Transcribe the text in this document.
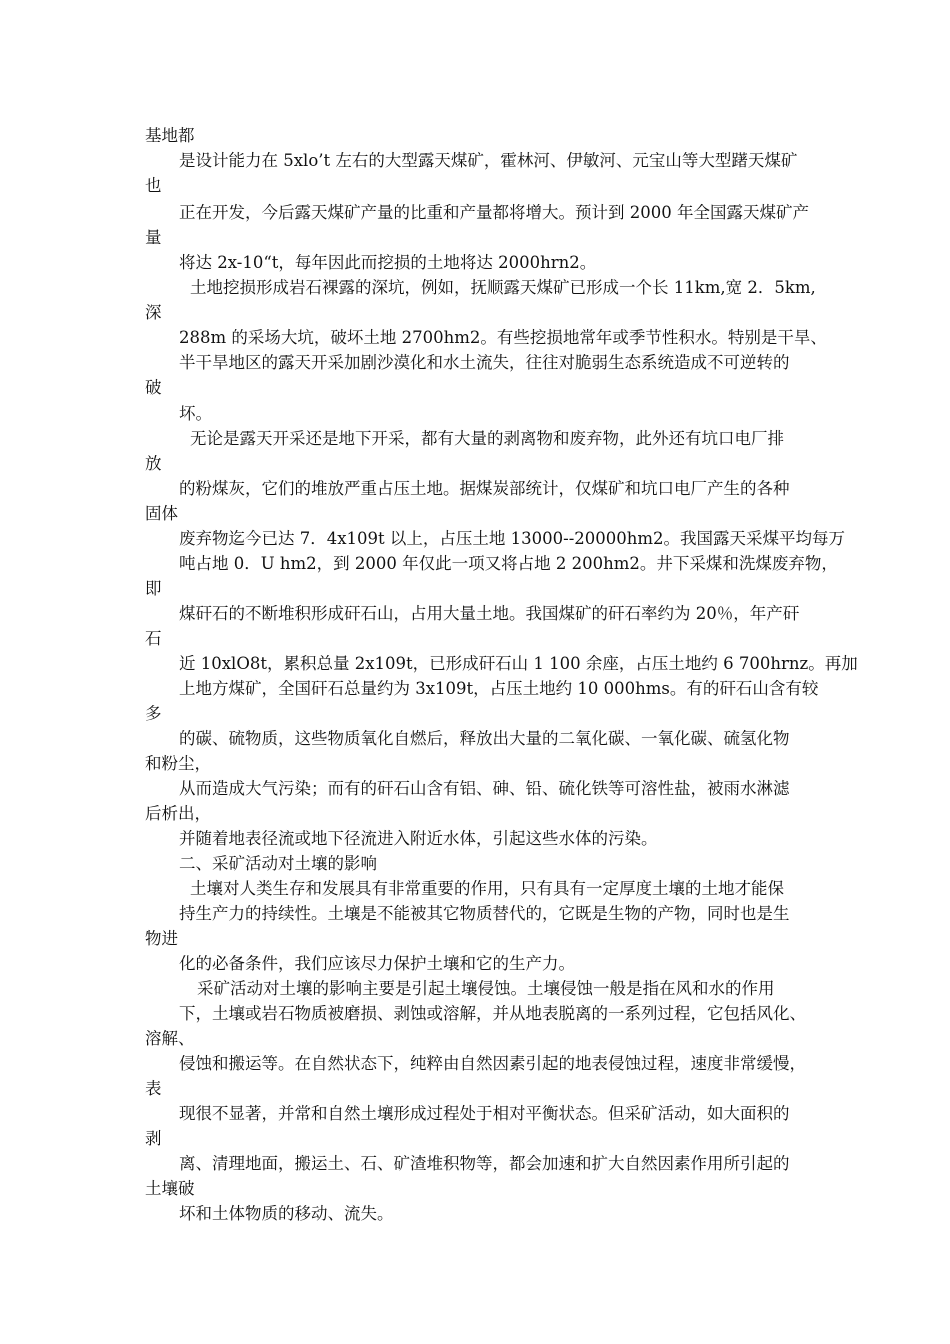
基地都
是设计能力在 5xlo’t 左右的大型露天煤矿，霍林河、伊敏河、元宝山等大型躇天煤矿
也
正在开发，今后露天煤矿产量的比重和产量都将增大。预计到 2000 年全国露天煤矿产
量
将达 2x-10“t，每年因此而挖损的土地将达 2000hrn2。
土地挖损形成岩石裸露的深坑，例如，抚顺露天煤矿已形成一个长 11km,宽 2．5km,
深
288m 的采场大坑，破坏土地 2700hm2。有些挖损地常年或季节性积水。特别是干旱、
半干旱地区的露天开采加剧沙漠化和水土流失，往往对脆弱生态系统造成不可逆转的
破
坏。
无论是露天开采还是地下开采，都有大量的剥离物和废弃物，此外还有坑口电厂排
放
的粉煤灰，它们的堆放严重占压土地。据煤炭部统计，仅煤矿和坑口电厂产生的各种
固体
废弃物迄今已达 7．4x109t 以上，占压土地 13000--20000hm2。我国露天采煤平均每万
吨占地 0．U hm2，到 2000 年仅此一项又将占地 2 200hm2。井下采煤和洗煤废弃物，
即
煤矸石的不断堆积形成矸石山，占用大量土地。我国煤矿的矸石率约为 20％，年产矸
石
近 10xlO8t，累积总量 2x109t，已形成矸石山 1 100 余座，占压土地约 6 700hrnz。再加
上地方煤矿，全国矸石总量约为 3x109t，占压土地约 10 000hms。有的矸石山含有较
多
的碳、硫物质，这些物质氧化自燃后，释放出大量的二氧化碳、一氧化碳、硫氢化物
和粉尘，
从而造成大气污染；而有的矸石山含有铝、砷、铅、硫化铁等可溶性盐，被雨水淋滤
后析出，
并随着地表径流或地下径流进入附近水体，引起这些水体的污染。
二、采矿活动对土壤的影响
土壤对人类生存和发展具有非常重要的作用，只有具有一定厚度土壤的土地才能保
持生产力的持续性。土壤是不能被其它物质替代的，它既是生物的产物，同时也是生
物进
化的必备条件，我们应该尽力保护土壤和它的生产力。
采矿活动对土壤的影响主要是引起土壤侵蚀。土壤侵蚀一般是指在风和水的作用
下，土壤或岩石物质被磨损、剥蚀或溶解，并从地表脱离的一系列过程，它包括风化、
溶解、
侵蚀和搬运等。在自然状态下，纯粹由自然因素引起的地表侵蚀过程，速度非常缓慢，
表
现很不显著，并常和自然土壤形成过程处于相对平衡状态。但采矿活动，如大面积的
剥
离、清理地面，搬运土、石、矿渣堆积物等，都会加速和扩大自然因素作用所引起的
土壤破
坏和土体物质的移动、流失。
